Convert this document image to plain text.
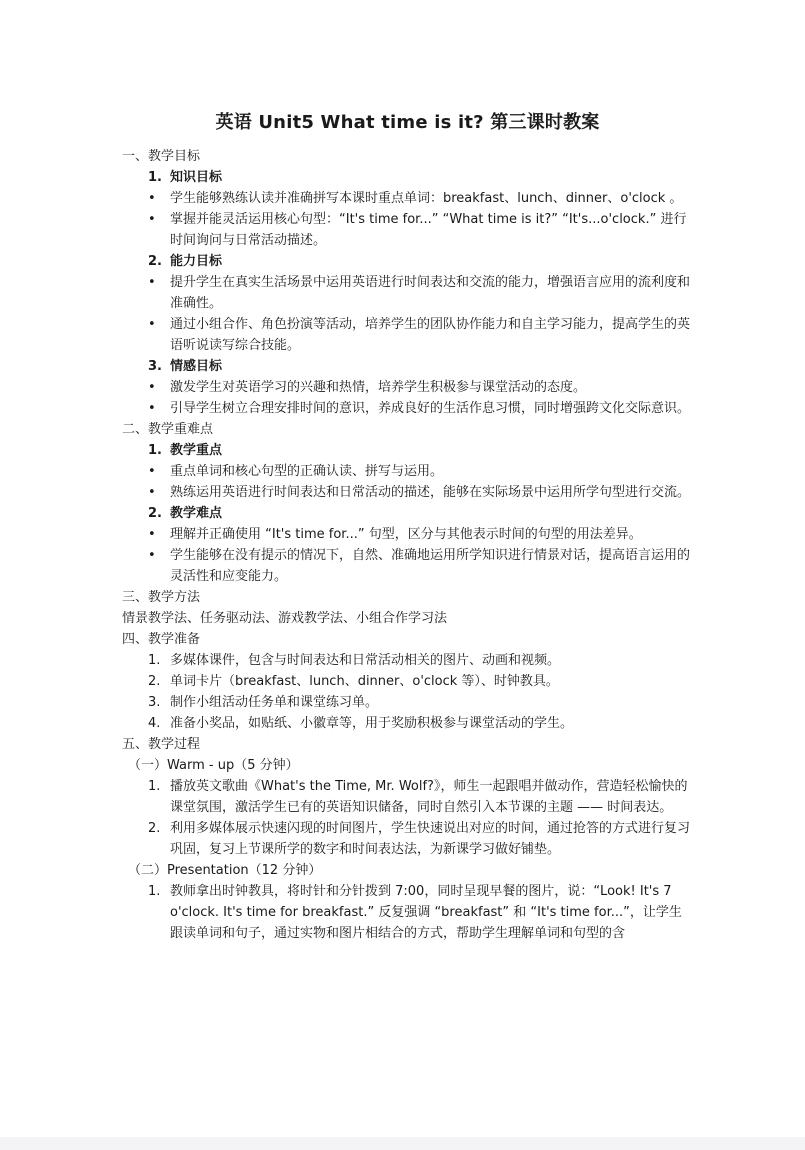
英语 Unit5 What time is it? 第三课时教案

一、教学目标

1. 知识目标

• 学生能够熟练认读并准确拼写本课时重点单词：breakfast、lunch、dinner、o'clock 。

• 掌握并能灵活运用核心句型：“It's time for...” “What time is it?” “It's...o'clock.” 进行时间询问与日常活动描述。

2. 能力目标

• 提升学生在真实生活场景中运用英语进行时间表达和交流的能力，增强语言应用的流利度和准确性。

• 通过小组合作、角色扮演等活动，培养学生的团队协作能力和自主学习能力，提高学生的英语听说读写综合技能。

3. 情感目标

• 激发学生对英语学习的兴趣和热情，培养学生积极参与课堂活动的态度。

• 引导学生树立合理安排时间的意识，养成良好的生活作息习惯，同时增强跨文化交际意识。

二、教学重难点

1. 教学重点

• 重点单词和核心句型的正确认读、拼写与运用。

• 熟练运用英语进行时间表达和日常活动的描述，能够在实际场景中运用所学句型进行交流。

2. 教学难点

• 理解并正确使用 “It's time for...” 句型，区分与其他表示时间的句型的用法差异。

• 学生能够在没有提示的情况下，自然、准确地运用所学知识进行情景对话，提高语言运用的灵活性和应变能力。

三、教学方法

情景教学法、任务驱动法、游戏教学法、小组合作学习法

四、教学准备

1. 多媒体课件，包含与时间表达和日常活动相关的图片、动画和视频。

2. 单词卡片（breakfast、lunch、dinner、o'clock 等）、时钟教具。

3. 制作小组活动任务单和课堂练习单。

4. 准备小奖品，如贴纸、小徽章等，用于奖励积极参与课堂活动的学生。

五、教学过程

（一）Warm - up（5 分钟）

1. 播放英文歌曲《What's the Time, Mr. Wolf?》，师生一起跟唱并做动作，营造轻松愉快的课堂氛围，激活学生已有的英语知识储备，同时自然引入本节课的主题 —— 时间表达。

2. 利用多媒体展示快速闪现的时间图片，学生快速说出对应的时间，通过抢答的方式进行复习巩固，复习上节课所学的数字和时间表达法，为新课学习做好铺垫。

（二）Presentation（12 分钟）

1. 教师拿出时钟教具，将时针和分针拨到 7:00，同时呈现早餐的图片，说：“Look! It's 7 o'clock. It's time for breakfast.” 反复强调 “breakfast” 和 “It's time for...”，让学生跟读单词和句子，通过实物和图片相结合的方式，帮助学生理解单词和句型的含
